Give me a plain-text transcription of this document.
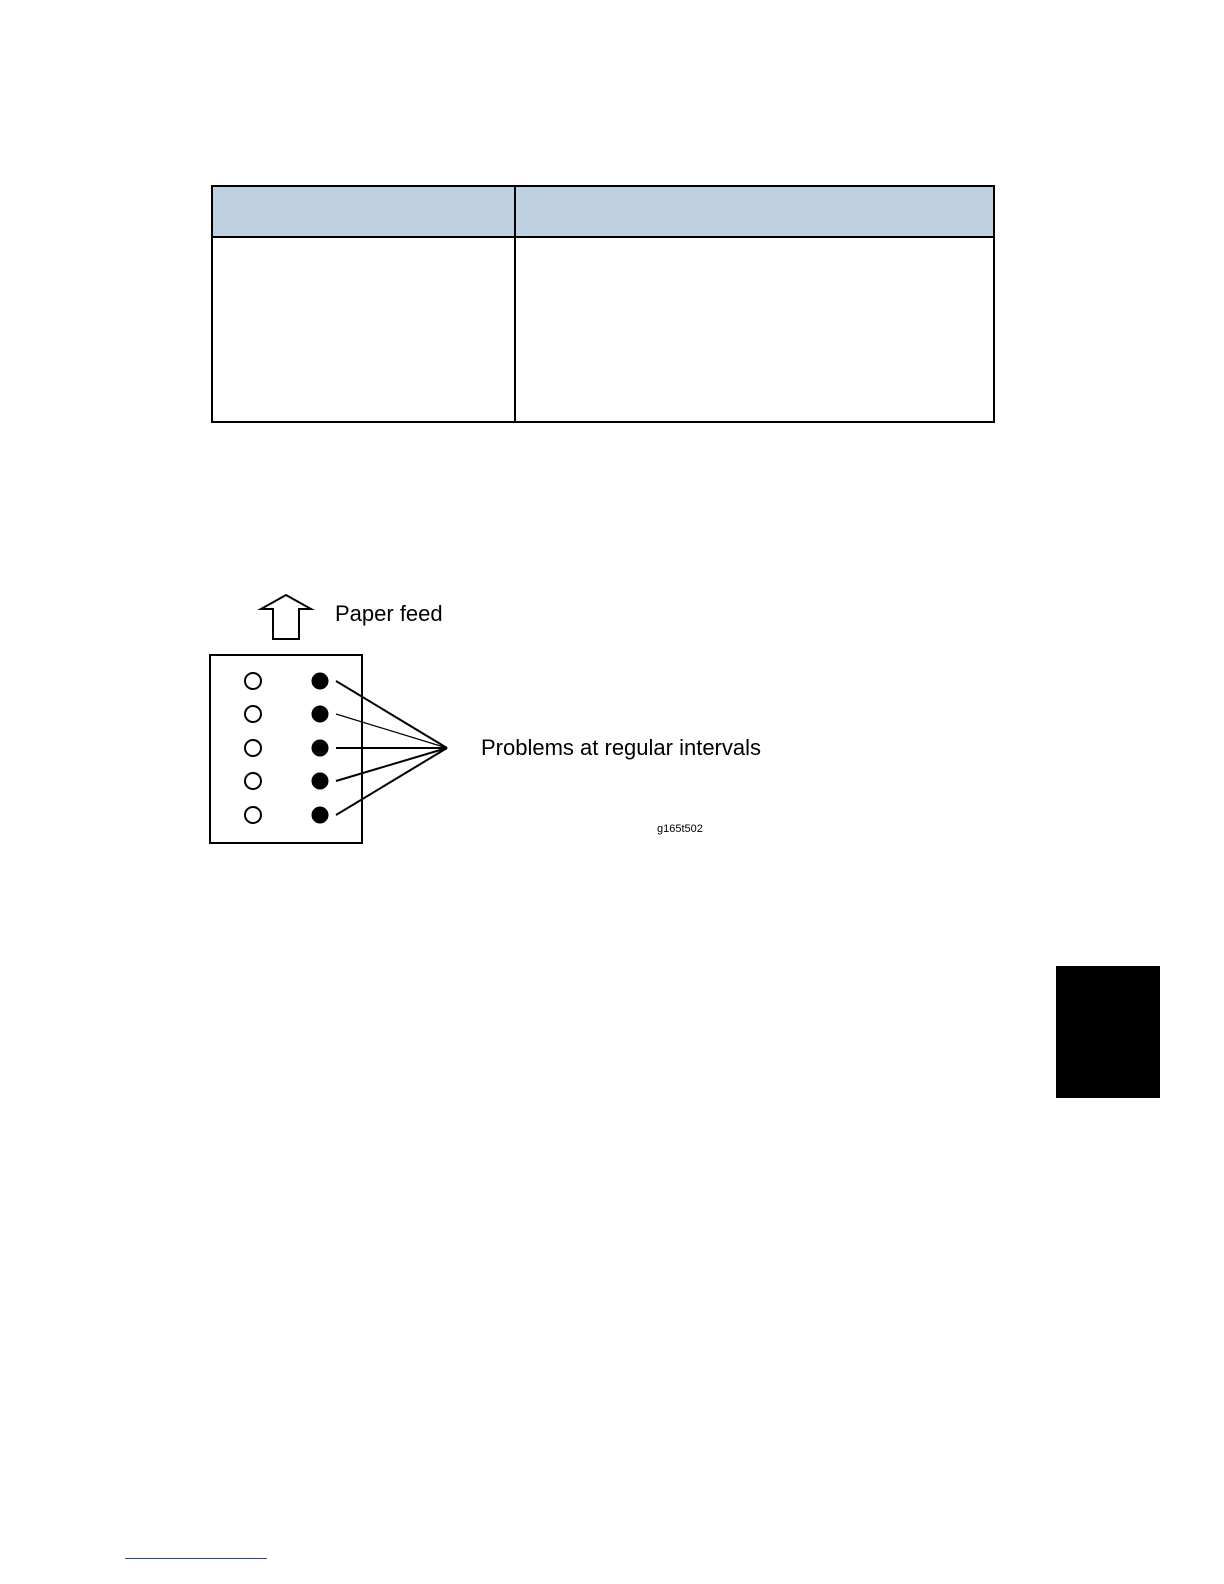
Paper feed
Problems at regular intervals
g165t502
